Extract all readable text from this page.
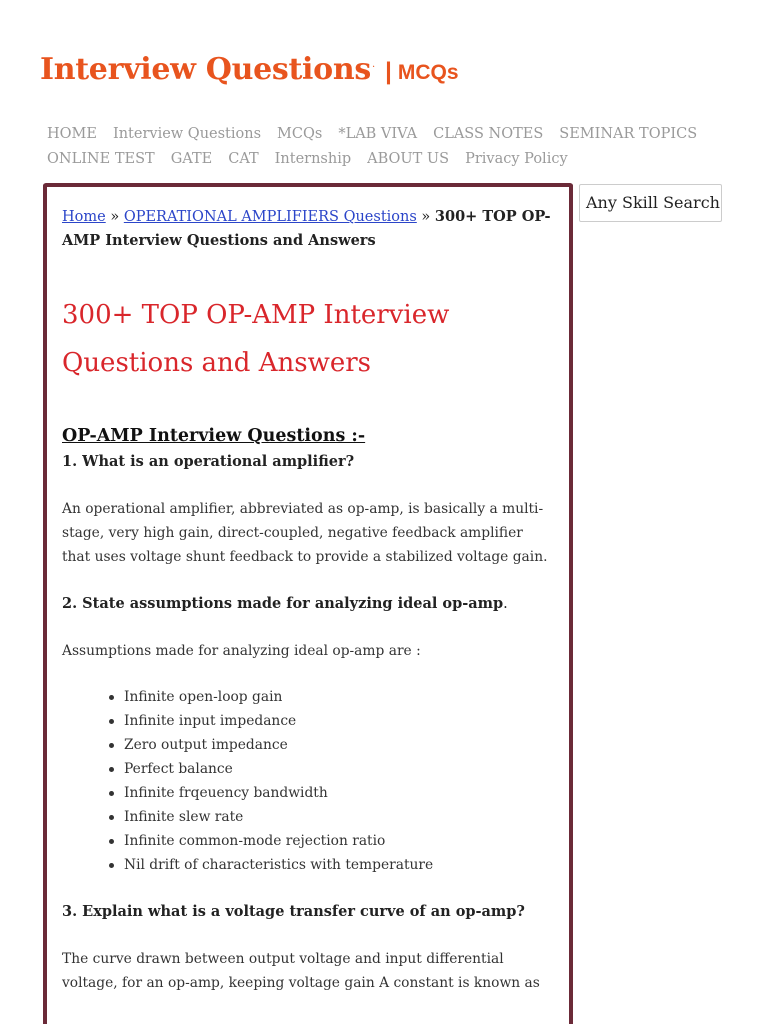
Interview Questions . | MCQs
HOME Interview Questions MCQs *LAB VIVA CLASS NOTES SEMINAR TOPICS
ONLINE TEST GATE CAT Internship ABOUT US Privacy Policy
Home » OPERATIONAL AMPLIFIERS Questions » 300+ TOP OP-AMP Interview Questions and Answers
300+ TOP OP-AMP Interview Questions and Answers
OP-AMP Interview Questions :-
1. What is an operational amplifier?

An operational amplifier, abbreviated as op-amp, is basically a multi-stage, very high gain, direct-coupled, negative feedback amplifier that uses voltage shunt feedback to provide a stabilized voltage gain.

2. State assumptions made for analyzing ideal op-amp.

Assumptions made for analyzing ideal op-amp are :

Infinite open-loop gain
Infinite input impedance
Zero output impedance
Perfect balance
Infinite frqeuency bandwidth
Infinite slew rate
Infinite common-mode rejection ratio
Nil drift of characteristics with temperature
3. Explain what is a voltage transfer curve of an op-amp?

The curve drawn between output voltage and input differential voltage, for an op-amp, keeping voltage gain A constant is known as

Any Skill Search
